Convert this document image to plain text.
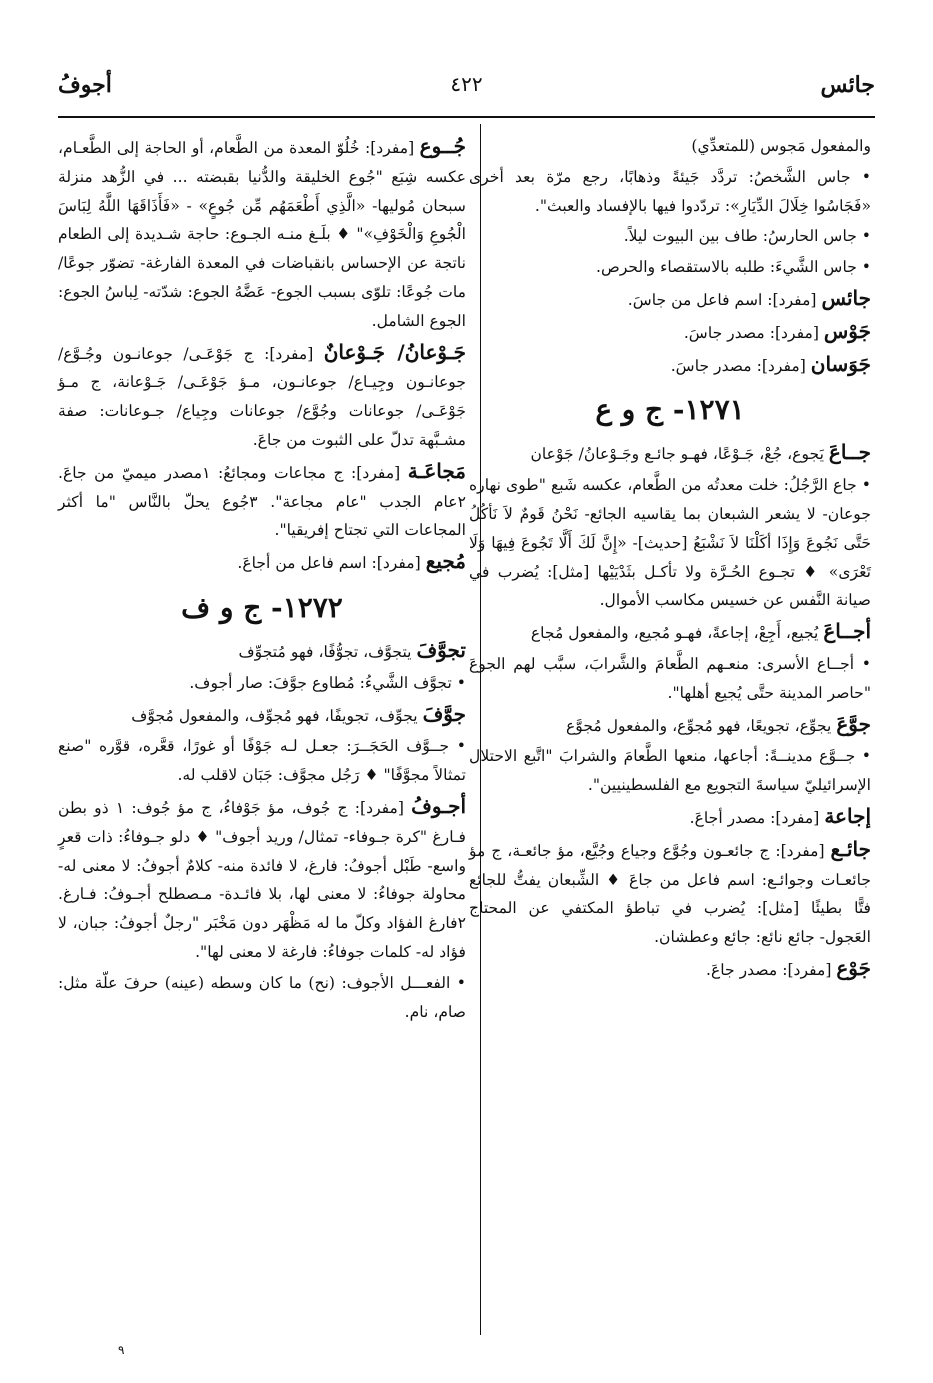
جائس
٤٢٢
أجوفُ

والمفعول مَجوس (للمتعدِّي)

• جاس الشَّخصُ: تردَّد جَيئةً وذهابًا، رجع مرّة بعد أخرى «فَجَاسُوا خِلَالَ الدِّيَارِ»: تردّدوا فيها بالإفساد والعبث".

• جاس الحارسُ: طاف بين البيوت ليلاً.

• جاس الشَّيءَ: طلبه بالاستقصاء والحرص.

جائس [مفرد]: اسم فاعل من جاسَ.

جَوْس [مفرد]: مصدر جاسَ.

جَوَسان [مفرد]: مصدر جاسَ.

١٢٧١- ج و ع

جــاعَ يَجوع، جُعْ، جَـوْعًا، فهـو جائـع وجَـوْعانُ/ جَوْعان

• جاع الرَّجُلُ: خلت معدتُه من الطَّعام، عكسه شَبع "طوى نهاره جوعان- لا يشعر الشبعان بما يقاسيه الجائع- نَحْنُ قَومٌ لاَ نَأكُلُ حَتَّى نَجُوعَ وَإِذَا أكَلْنَا لاَ نَشْبَعُ [حديث]- «إِنَّ لَكَ أَلَّا تَجُوعَ فِيهَا وَلَا تَعْرَى» ♦ تجـوع الحُـرَّة ولا تأكـل بثَدْيَيْها [مثل]: يُضرب في صيانة النَّفس عن خسيس مكاسب الأموال.

أجــاعَ يُجيع، أَجِعْ، إجاعةً، فهـو مُجيع، والمفعول مُجاع

• أجــاع الأسرى: منعـهم الطَّعامَ والشَّرابَ، سبَّب لهم الجوعَ "حاصر المدينة حتَّى يُجيع أهلها".

جوَّعَ يجوِّع، تجويعًا، فهو مُجوِّع، والمفعول مُجوَّع

• جــوَّع مدينــةً: أجاعها، منعها الطَّعامَ والشرابَ "اتَّبع الاحتلال الإسرائيليّ سياسةَ التجويع مع الفلسطينيين".

إجاعة [مفرد]: مصدر أجاعَ.

جائـع [مفرد]: ج جائعـون وجُوَّع وجياع وجُيَّع، مؤ جائعـة، ج مؤ جائعـات وجوائـع: اسم فاعل من جاعَ ♦ الشِّبعان يفتُّ للجائع فتًّا بطيئًا [مثل]: يُضرب في تباطؤ المكتفي عن المحتاج العَجول- جائع نائع: جائع وعطشان.

جَوْع [مفرد]: مصدر جاعَ.

جُــوع [مفرد]: خُلُوّ المعدة من الطَّعام، أو الحاجة إلى الطَّعـام، عكسه شِبَع "جُوع الخليقة والدُّنيا بقبضته ... في الزُّهد منزلة سبحان مُوليها- «الَّذِي أَطْعَمَهُم مِّن جُوعٍ» - «فَأَذَاقَهَا اللَّهُ لِبَاسَ الْجُوعِ وَالْخَوْفِ»" ♦ بلَـغ منـه الجـوع: حاجة شـديدة إلى الطعام ناتجة عن الإحساس بانقباضات في المعدة الفارغة- تضوّر جوعًا/ مات جُوعًا: تلوّى بسبب الجوع- عَضَّهُ الجوع: شدّته- لِباسُ الجوع: الجوع الشامل.

جَـوْعانُ/ جَـوْعانٌ [مفرد]: ج جَوْعَـى/ جوعانـون وجُـوَّع/ جوعانـون وجِيـاع/ جوعانـون، مـؤ جَوْعَـى/ جَـوْعانة، ج مـؤ جَوْعَـى/ جوعانات وجُوَّع/ جوعانات وجِياع/ جـوعانات: صفة مشـبَّهة تدلّ على الثبوت من جاعَ.

مَجاعَـة [مفرد]: ج مجاعات ومجائعُ: ١مصدر ميميّ من جاعَ. ٢عام الجدب "عام مجاعة". ٣جُوع يحلّ بالنَّاس "ما أكثر المجاعات التي تجتاح إفريقيا".

مُجيع [مفرد]: اسم فاعل من أجاعَ.

١٢٧٢- ج و ف

تجوَّفَ يتجوَّف، تجوُّفًا، فهو مُتجوِّف

• تجوَّف الشَّيءُ: مُطاوع جوَّفَ: صار أجوف.

جوَّفَ يجوِّف، تجويفًا، فهو مُجوِّف، والمفعول مُجوَّف

• جــوَّف الحَجَــرَ: جعـل لـه جَوْفًا أو غورًا، قعَّره، قوَّره "صنع تمثالاً مجوَّفًا" ♦ رَجُل مجوَّف: جَبَان لاقلب له.

أجـوفُ [مفرد]: ج جُوف، مؤ جَوْفاءُ، ج مؤ جُوف: ١ ذو بطن فـارغ "كرة جـوفاء- تمثال/ وريد أجوف" ♦ دلو جـوفاءُ: ذات قعرٍ واسع- طَبْل أجوفُ: فارغ، لا فائدة منه- كلامٌ أجوفُ: لا معنى له- محاولة جوفاءُ: لا معنى لها، بلا فائـدة- مـصطلح أجـوفُ: فـارغ. ٢فارغ الفؤاد وكلّ ما له مَظْهَر دون مَخْبَر "رجلٌ أجوفُ: جبان، لا فؤاد له- كلمات جوفاءُ: فارغة لا معنى لها".

• الفعـــل الأجوف: (نح) ما كان وسطه (عينه) حرفَ علّة مثل: صام، نام.

٩
